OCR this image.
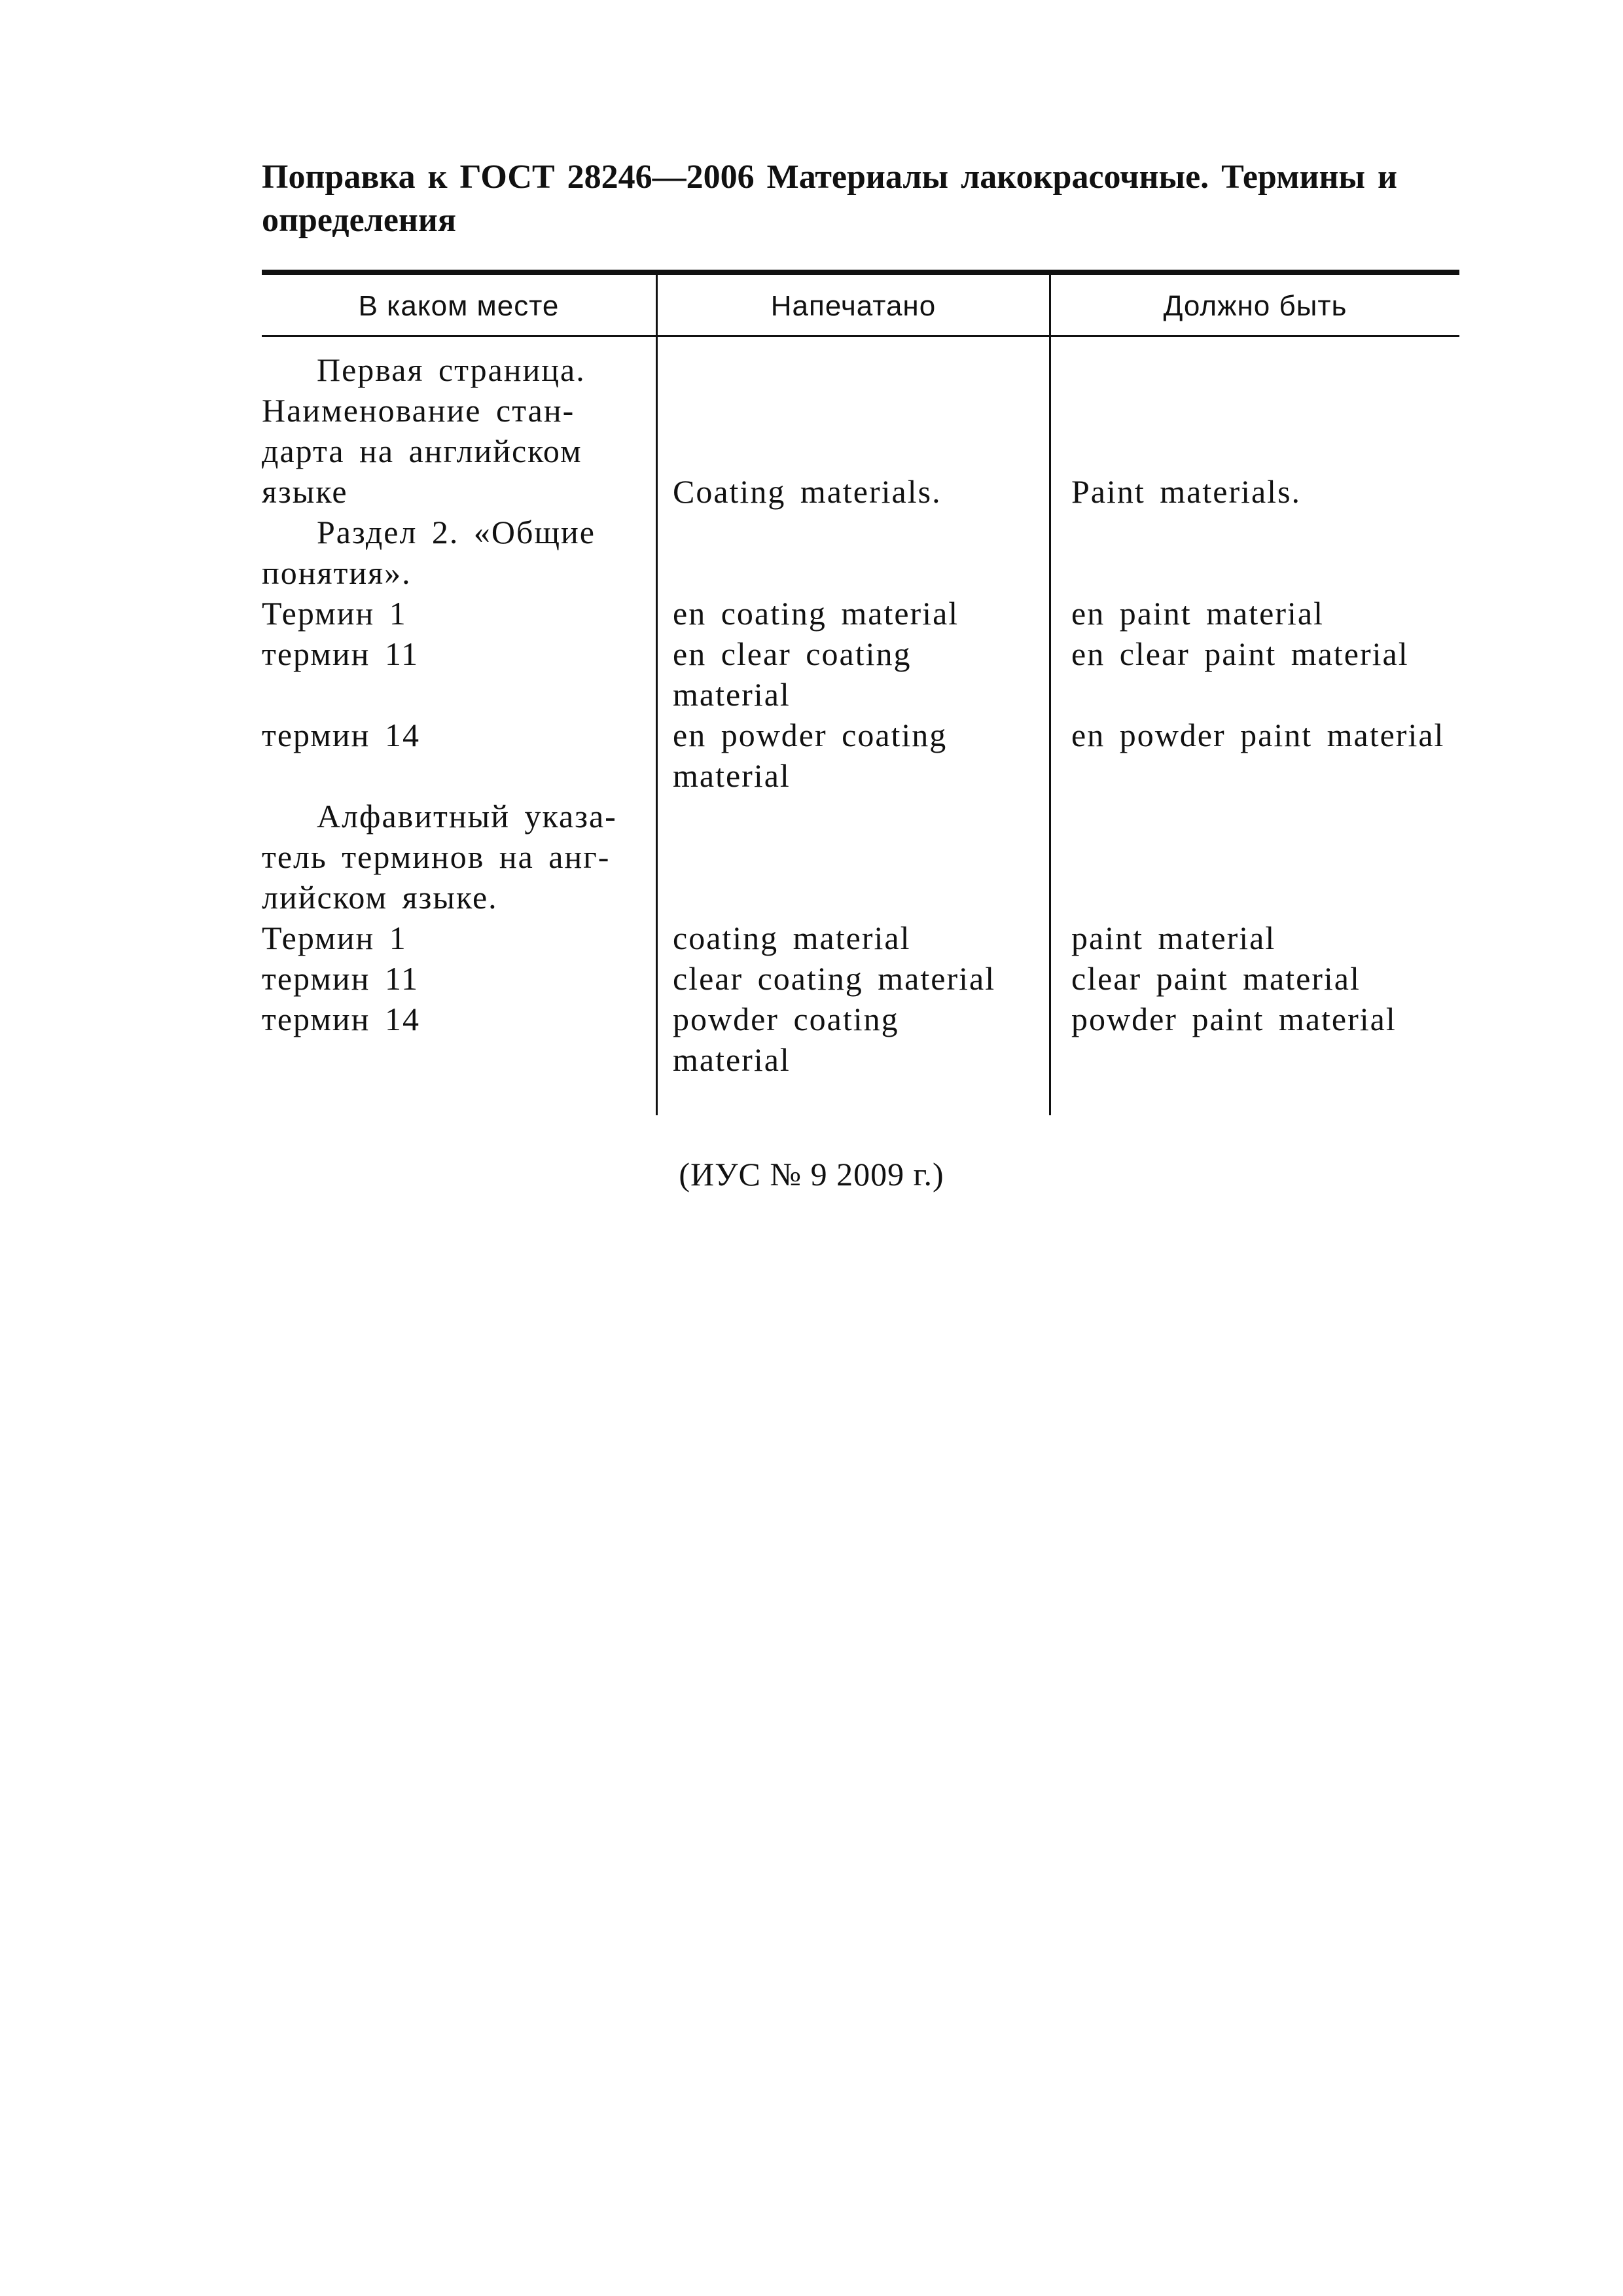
Поправка к ГОСТ 28246—2006 Материалы лакокрасочные. Термины и
определения
В каком месте	Напечатано	Должно быть
Первая страница.
Наименование стан-
дарта на английском
языке
Раздел 2. «Общие
понятия».
Термин 1
термин 11
термин 14
Алфавитный указа-
тель терминов на анг-
лийском языке.
Термин 1
термин 11
термин 14
Coating materials.
en coating material
en clear coating
material
en powder coating
material
coating material
clear coating material
powder coating
material
Paint materials.
en paint material
en clear paint material
en powder paint material
paint material
clear paint material
powder paint material
(ИУС № 9 2009 г.)
